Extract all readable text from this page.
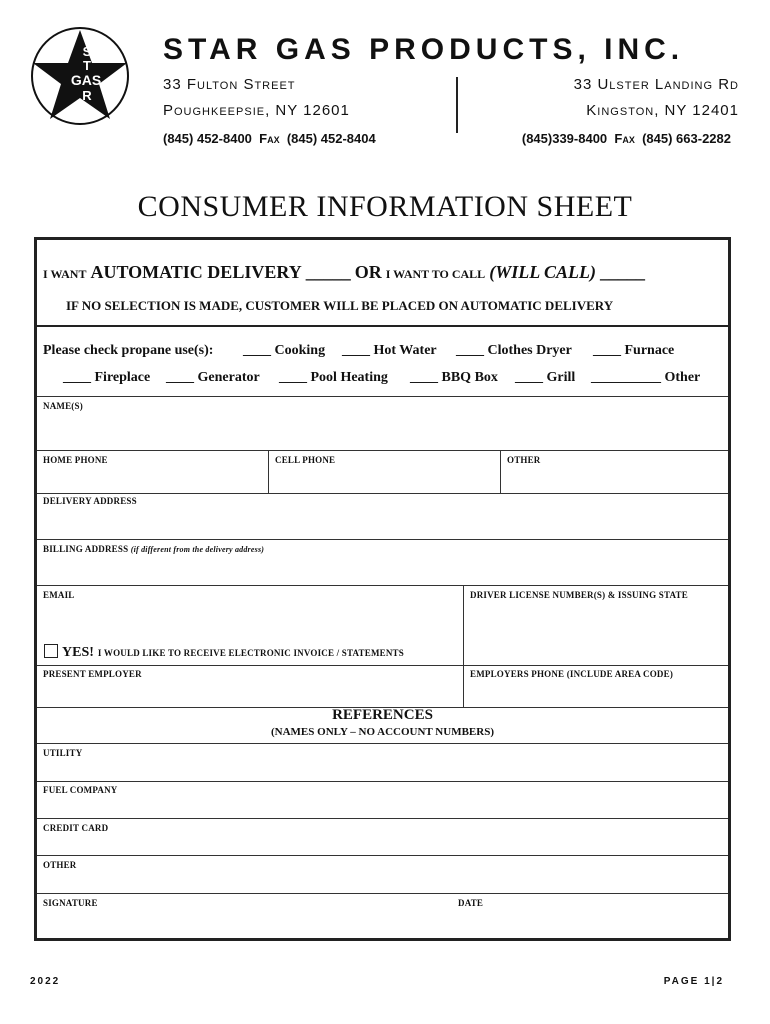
S
T
GAS
R
STAR GAS PRODUCTS, INC.
33 Fulton Street
Poughkeepsie, NY 12601
(845) 452-8400 Fax (845) 452-8404
33 Ulster Landing Rd
Kingston, NY 12401
(845)339-8400 Fax (845) 663-2282
CONSUMER INFORMATION SHEET
I WANT AUTOMATIC DELIVERY _____ OR I WANT TO CALL (WILL CALL) _____
IF NO SELECTION IS MADE, CUSTOMER WILL BE PLACED ON AUTOMATIC DELIVERY
Please check propane use(s): ____ Cooking ____ Hot Water ____ Clothes Dryer ____ Furnace
____ Fireplace ____ Generator ____ Pool Heating ____ BBQ Box ____ Grill __________ Other
NAME(S)
HOME PHONE	CELL PHONE	OTHER
DELIVERY ADDRESS
BILLING ADDRESS (if different from the delivery address)
EMAIL	DRIVER LICENSE NUMBER(S) & ISSUING STATE
YES! I WOULD LIKE TO RECEIVE ELECTRONIC INVOICE / STATEMENTS
PRESENT EMPLOYER	EMPLOYERS PHONE (INCLUDE AREA CODE)
REFERENCES
(NAMES ONLY – NO ACCOUNT NUMBERS)
UTILITY
FUEL COMPANY
CREDIT CARD
OTHER
SIGNATURE	DATE
2022	PAGE 1|2
